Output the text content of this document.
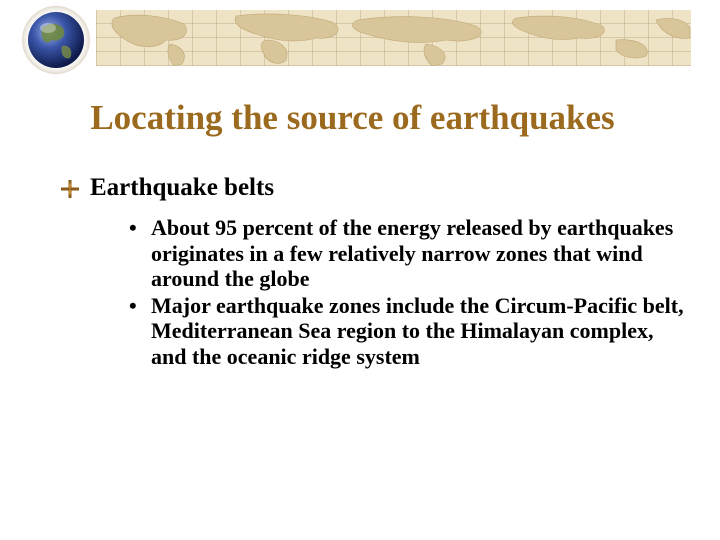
Locating the source of earthquakes
Earthquake belts
• About 95 percent of the energy released by earthquakes originates in a few relatively narrow zones that wind around the globe
• Major earthquake zones include the Circum-Pacific belt, Mediterranean Sea region to the Himalayan complex, and the oceanic ridge system
